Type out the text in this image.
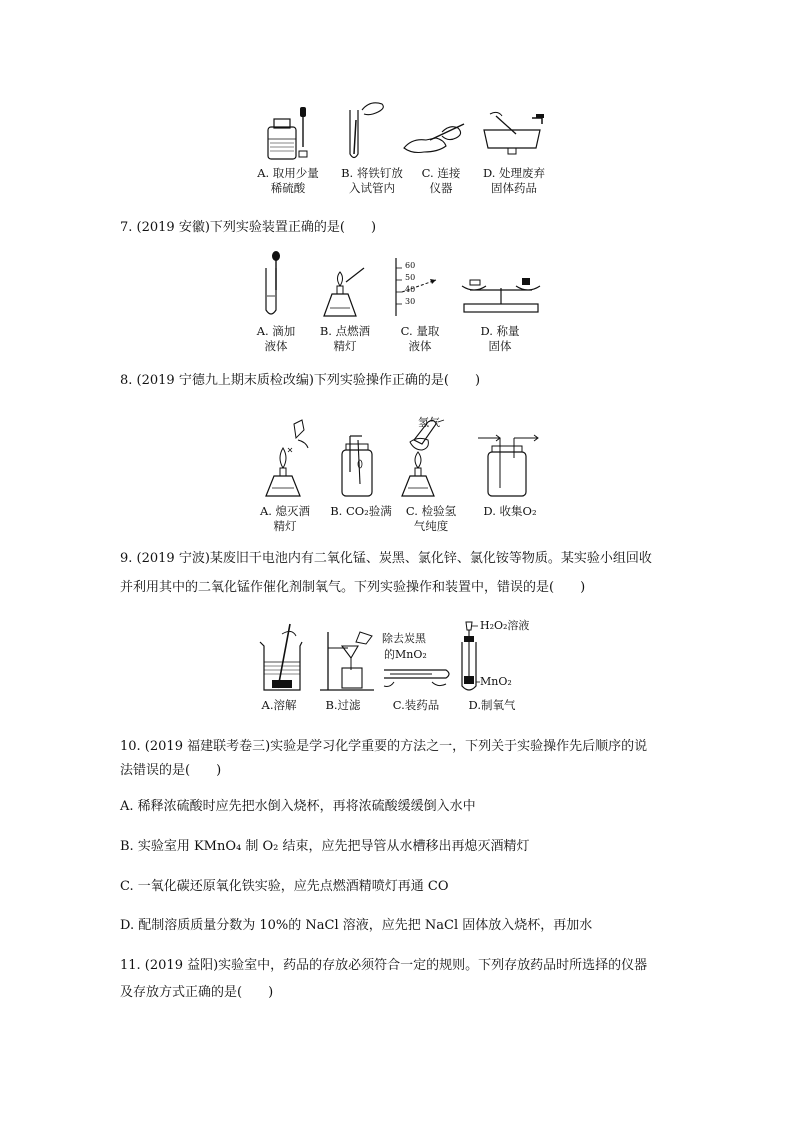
A. 取用少量
稀硫酸
B. 将铁钉放
入试管内
C. 连接
仪器
D. 处理废弃
固体药品
7. (2019 安徽)下列实验装置正确的是(　　)
60
50
40
30
A. 滴加
液体
B. 点燃酒
精灯
C. 量取
液体
D. 称量
固体
8. (2019 宁德九上期末质检改编)下列实验操作正确的是(　　)
氢气
A. 熄灭酒
精灯
B. CO₂验满	C. 检验氢
气纯度
D. 收集O₂
9. (2019 宁波)某废旧干电池内有二氧化锰、炭黑、氯化锌、氯化铵等物质。某实验小组回收
并利用其中的二氧化锰作催化剂制氧气。下列实验操作和装置中，错误的是(　　)
除去炭黑
的MnO₂
H₂O₂溶液
MnO₂
A.溶解	B.过滤	C.装药品	D.制氧气
10. (2019 福建联考卷三)实验是学习化学重要的方法之一，下列关于实验操作先后顺序的说
法错误的是(　　)
A. 稀释浓硫酸时应先把水倒入烧杯，再将浓硫酸缓缓倒入水中
B. 实验室用 KMnO₄ 制 O₂ 结束，应先把导管从水槽移出再熄灭酒精灯
C. 一氧化碳还原氧化铁实验，应先点燃酒精喷灯再通 CO
D. 配制溶质质量分数为 10%的 NaCl 溶液，应先把 NaCl 固体放入烧杯，再加水
11. (2019 益阳)实验室中，药品的存放必须符合一定的规则。下列存放药品时所选择的仪器
及存放方式正确的是(　　)
